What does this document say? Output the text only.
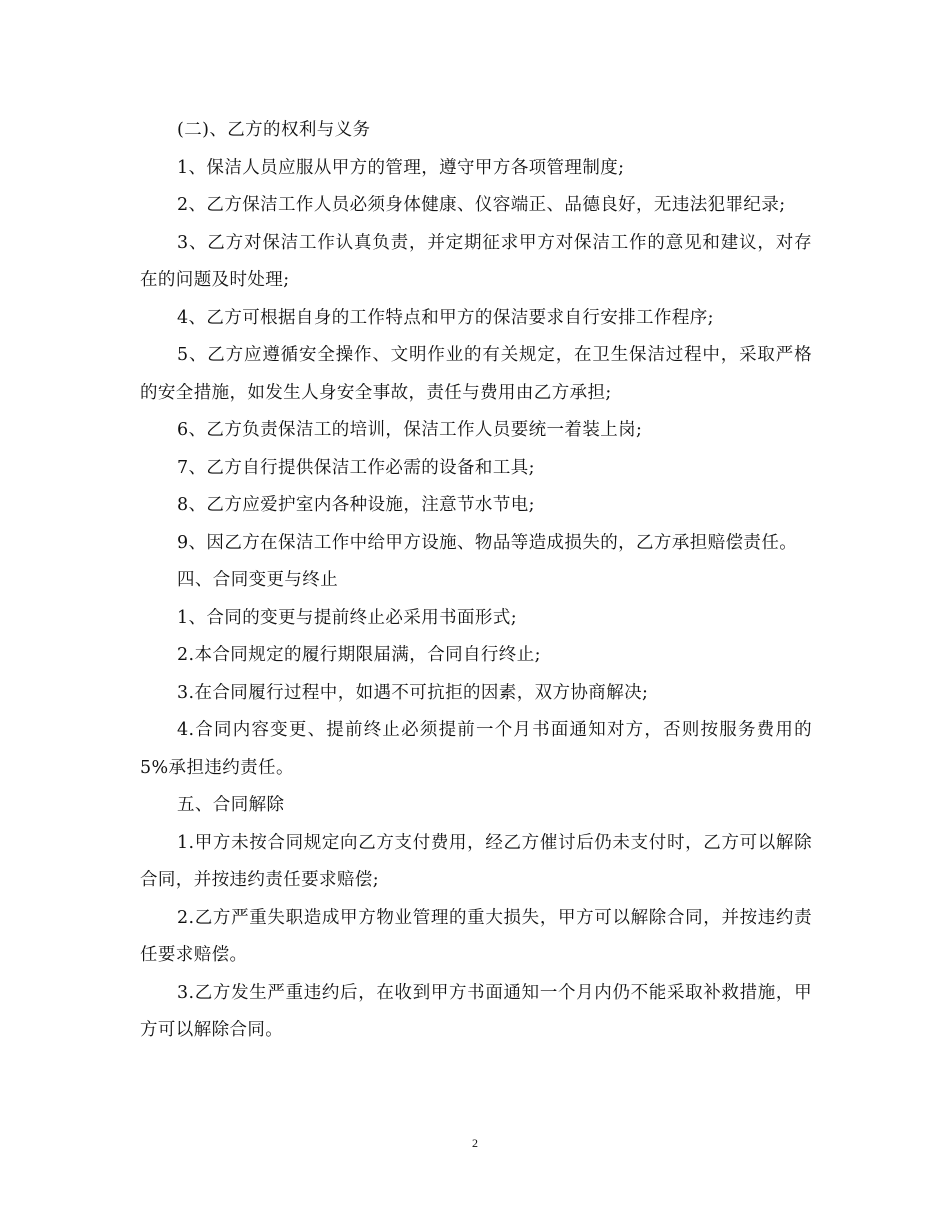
(二)、乙方的权利与义务

1、保洁人员应服从甲方的管理，遵守甲方各项管理制度;

2、乙方保洁工作人员必须身体健康、仪容端正、品德良好，无违法犯罪纪录;

3、乙方对保洁工作认真负责，并定期征求甲方对保洁工作的意见和建议，对存在的问题及时处理;

4、乙方可根据自身的工作特点和甲方的保洁要求自行安排工作程序;

5、乙方应遵循安全操作、文明作业的有关规定，在卫生保洁过程中，采取严格的安全措施，如发生人身安全事故，责任与费用由乙方承担;

6、乙方负责保洁工的培训，保洁工作人员要统一着装上岗;

7、乙方自行提供保洁工作必需的设备和工具;

8、乙方应爱护室内各种设施，注意节水节电;

9、因乙方在保洁工作中给甲方设施、物品等造成损失的，乙方承担赔偿责任。

四、合同变更与终止

1、合同的变更与提前终止必采用书面形式;

2.本合同规定的履行期限届满，合同自行终止;

3.在合同履行过程中，如遇不可抗拒的因素，双方协商解决;

4.合同内容变更、提前终止必须提前一个月书面通知对方，否则按服务费用的5%承担违约责任。

五、合同解除

1.甲方未按合同规定向乙方支付费用，经乙方催讨后仍未支付时，乙方可以解除合同，并按违约责任要求赔偿;

2.乙方严重失职造成甲方物业管理的重大损失，甲方可以解除合同，并按违约责任要求赔偿。

3.乙方发生严重违约后，在收到甲方书面通知一个月内仍不能采取补救措施，甲方可以解除合同。

2
